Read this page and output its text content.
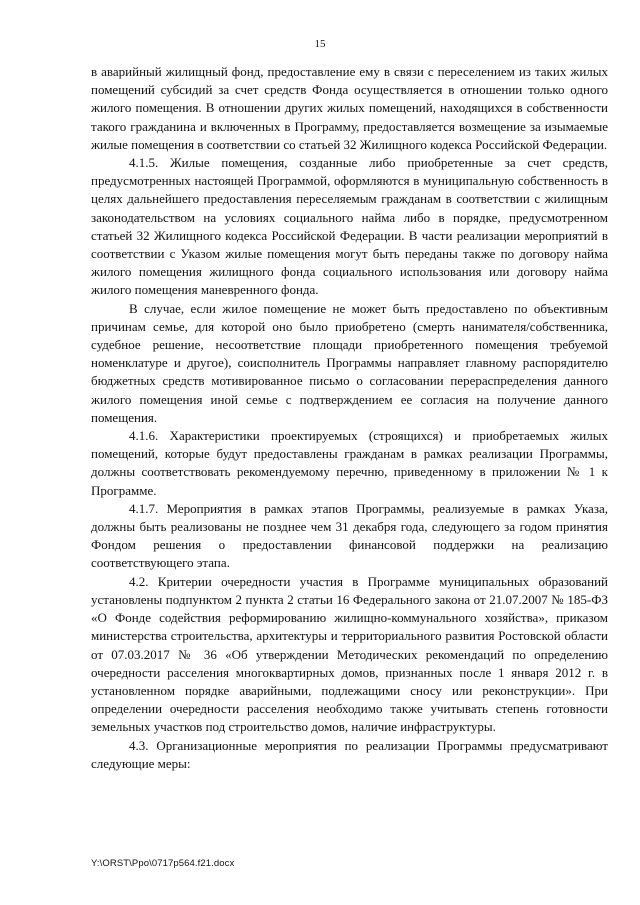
15

в аварийный жилищный фонд, предоставление ему в связи с переселением из таких жилых помещений субсидий за счет средств Фонда осуществляется в отношении только одного жилого помещения. В отношении других жилых помещений, находящихся в собственности такого гражданина и включенных в Программу, предоставляется возмещение за изымаемые жилые помещения в соответствии со статьей 32 Жилищного кодекса Российской Федерации.

4.1.5. Жилые помещения, созданные либо приобретенные за счет средств, предусмотренных настоящей Программой, оформляются в муниципальную собственность в целях дальнейшего предоставления переселяемым гражданам в соответствии с жилищным законодательством на условиях социального найма либо в порядке, предусмотренном статьей 32 Жилищного кодекса Российской Федерации. В части реализации мероприятий в соответствии с Указом жилые помещения могут быть переданы также по договору найма жилого помещения жилищного фонда социального использования или договору найма жилого помещения маневренного фонда.

В случае, если жилое помещение не может быть предоставлено по объективным причинам семье, для которой оно было приобретено (смерть нанимателя/собственника, судебное решение, несоответствие площади приобретенного помещения требуемой номенклатуре и другое), соисполнитель Программы направляет главному распорядителю бюджетных средств мотивированное письмо о согласовании перераспределения данного жилого помещения иной семье с подтверждением ее согласия на получение данного помещения.

4.1.6. Характеристики проектируемых (строящихся) и приобретаемых жилых помещений, которые будут предоставлены гражданам в рамках реализации Программы, должны соответствовать рекомендуемому перечню, приведенному в приложении № 1 к Программе.

4.1.7. Мероприятия в рамках этапов Программы, реализуемые в рамках Указа, должны быть реализованы не позднее чем 31 декабря года, следующего за годом принятия Фондом решения о предоставлении финансовой поддержки на реализацию соответствующего этапа.

4.2. Критерии очередности участия в Программе муниципальных образований установлены подпунктом 2 пункта 2 статьи 16 Федерального закона от 21.07.2007 № 185-ФЗ «О Фонде содействия реформированию жилищно-коммунального хозяйства», приказом министерства строительства, архитектуры и территориального развития Ростовской области от 07.03.2017 № 36 «Об утверждении Методических рекомендаций по определению очередности расселения многоквартирных домов, признанных после 1 января 2012 г. в установленном порядке аварийными, подлежащими сносу или реконструкции». При определении очередности расселения необходимо также учитывать степень готовности земельных участков под строительство домов, наличие инфраструктуры.

4.3. Организационные мероприятия по реализации Программы предусматривают следующие меры:

Y:\ORST\Ppo\0717p564.f21.docx
